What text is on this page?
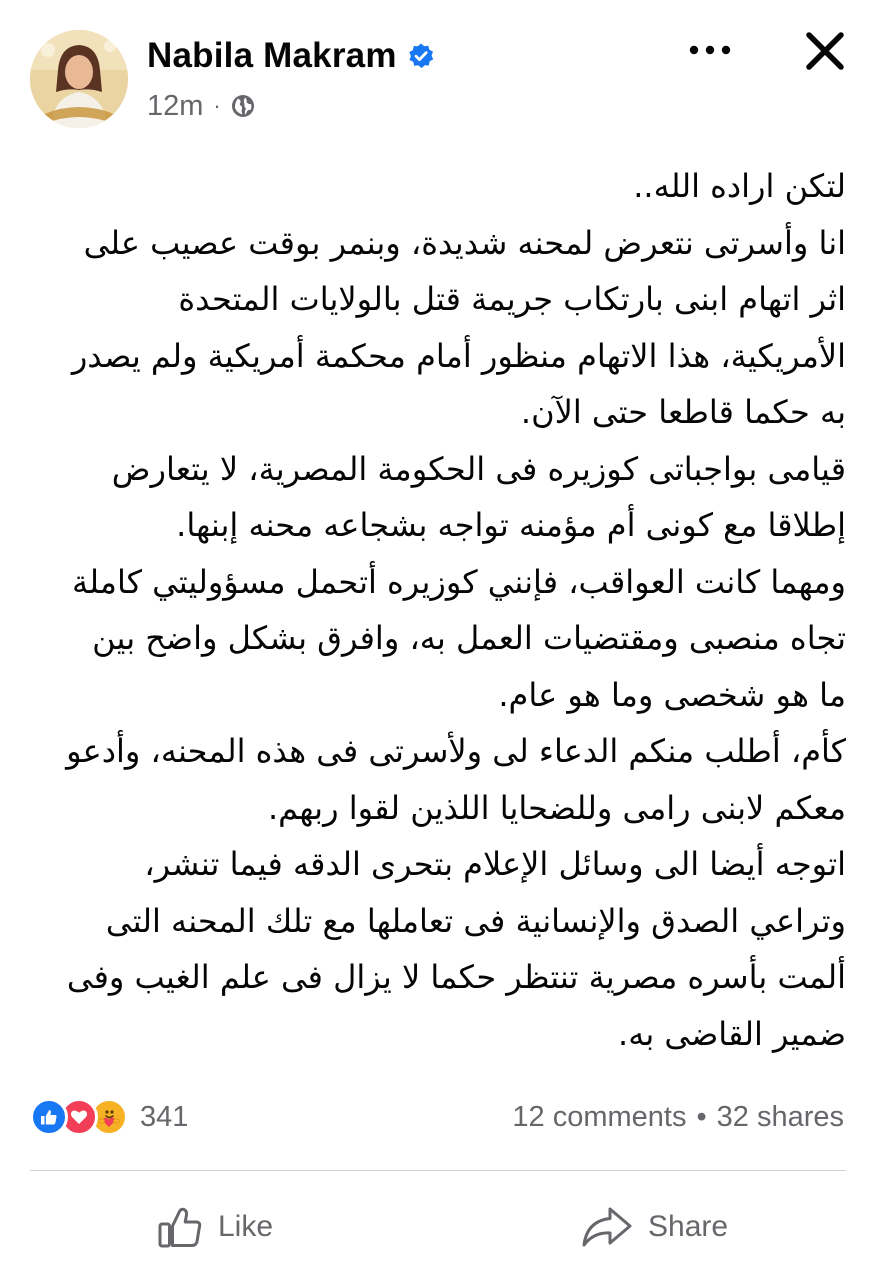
Nabila Makram
12m ·
لتكن اراده الله..
انا وأسرتى نتعرض لمحنه شديدة، وبنمر بوقت عصيب على
اثر اتهام ابنى بارتكاب جريمة قتل بالولايات المتحدة
الأمريكية، هذا الاتهام منظور أمام محكمة أمريكية ولم يصدر
به حكما قاطعا حتى الآن.
قيامى بواجباتى كوزيره فى الحكومة المصرية، لا يتعارض
إطلاقا مع كونى أم مؤمنه تواجه بشجاعه محنه إبنها.
ومهما كانت العواقب، فإنني كوزيره أتحمل مسؤوليتي كاملة
تجاه منصبى ومقتضيات العمل به، وافرق بشكل واضح بين
ما هو شخصى وما هو عام.
كأم، أطلب منكم الدعاء لى ولأسرتى فى هذه المحنه، وأدعو
معكم لابنى رامى وللضحايا اللذين لقوا ربهم.
اتوجه أيضا الى وسائل الإعلام بتحرى الدقه فيما تنشر،
وتراعي الصدق والإنسانية فى تعاملها مع تلك المحنه التى
ألمت بأسره مصرية تنتظر حكما لا يزال فى علم الغيب وفى
ضمير القاضى به.
341	12 comments • 32 shares
Like	Share
